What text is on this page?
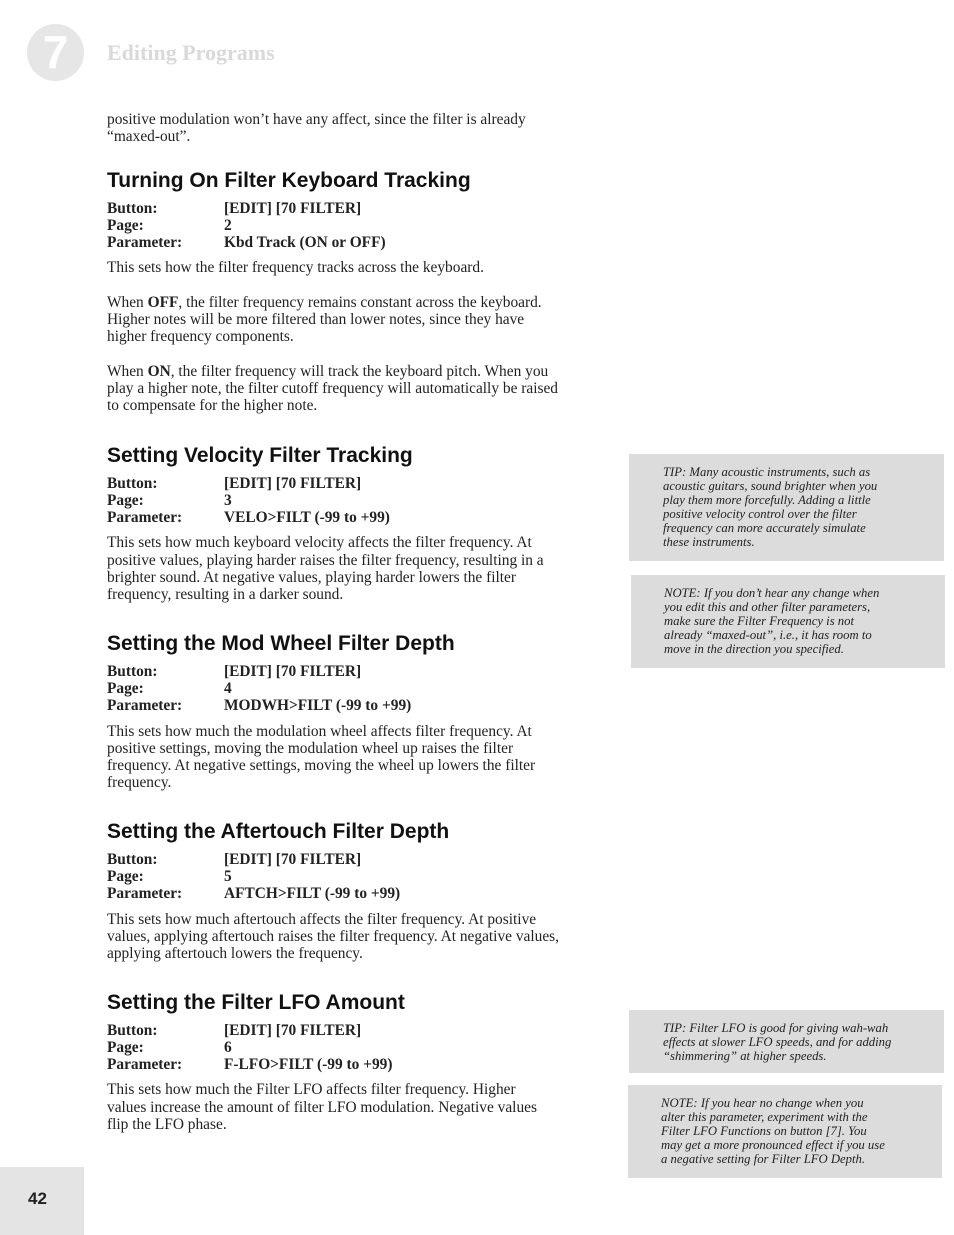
7	Editing Programs

positive modulation won’t have any affect, since the filter is already

“maxed-out”.

Turning On Filter Keyboard Tracking
Button:	[EDIT] [70 FILTER]
Page:	2
Parameter:	Kbd Track (ON or OFF)

This sets how the filter frequency tracks across the keyboard.

When OFF, the filter frequency remains constant across the keyboard.

Higher notes will be more filtered than lower notes, since they have

higher frequency components.

When ON, the filter frequency will track the keyboard pitch. When you

play a higher note, the filter cutoff frequency will automatically be raised

to compensate for the higher note.

Setting Velocity Filter Tracking
Button:	[EDIT] [70 FILTER]
Page:	3
Parameter:	VELO>FILT (-99 to +99)

This sets how much keyboard velocity affects the filter frequency. At

positive values, playing harder raises the filter frequency, resulting in a

brighter sound. At negative values, playing harder lowers the filter

frequency, resulting in a darker sound.

Setting the Mod Wheel Filter Depth
Button:	[EDIT] [70 FILTER]
Page:	4
Parameter:	MODWH>FILT (-99 to +99)

This sets how much the modulation wheel affects filter frequency. At

positive settings, moving the modulation wheel up raises the filter

frequency. At negative settings, moving the wheel up lowers the filter

frequency.

Setting the Aftertouch Filter Depth
Button:	[EDIT] [70 FILTER]
Page:	5
Parameter:	AFTCH>FILT (-99 to +99)

This sets how much aftertouch affects the filter frequency. At positive

values, applying aftertouch raises the filter frequency. At negative values,

applying aftertouch lowers the frequency.

Setting the Filter LFO Amount
Button:	[EDIT] [70 FILTER]
Page:	6
Parameter:	F-LFO>FILT (-99 to +99)

This sets how much the Filter LFO affects filter frequency. Higher

values increase the amount of filter LFO modulation. Negative values

flip the LFO phase.

TIP: Many acoustic instruments, such as

acoustic guitars, sound brighter when you

play them more forcefully. Adding a little

positive velocity control over the filter

frequency can more accurately simulate

these instruments.

NOTE: If you don’t hear any change when

you edit this and other filter parameters,

make sure the Filter Frequency is not

already “maxed-out”, i.e., it has room to

move in the direction you specified.

TIP: Filter LFO is good for giving wah-wah

effects at slower LFO speeds, and for adding

“shimmering” at higher speeds.

NOTE: If you hear no change when you

alter this parameter, experiment with the

Filter LFO Functions on button [7]. You

may get a more pronounced effect if you use

a negative setting for Filter LFO Depth.

42
